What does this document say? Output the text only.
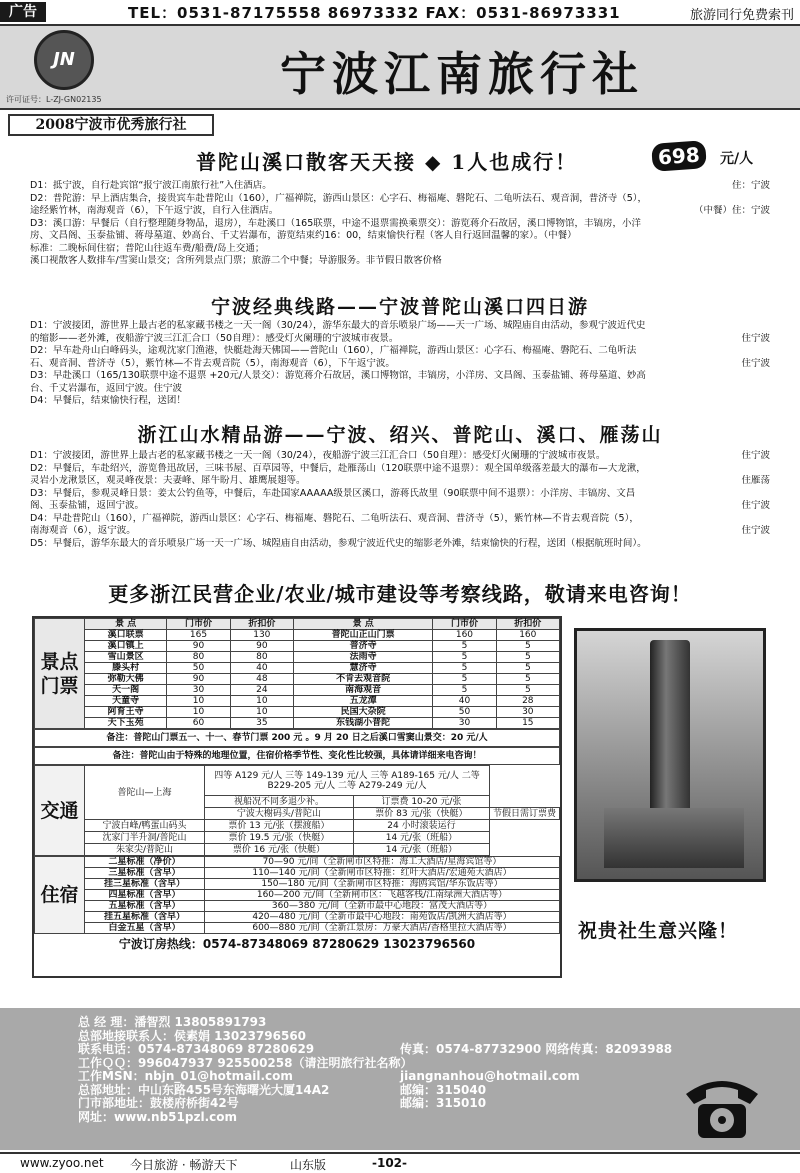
广告	TEL：0531-87175558 86973332 FAX：0531-86973331	旅游同行免费索刊
JN
许可证号：L-ZJ-GN02135	宁波江南旅行社
2008宁波市优秀旅行社
普陀山溪口散客天天接 ◆ 1人也成行！	698	元/人
D1：抵宁波，自行赴宾馆“报宁波江南旅行社”入住酒店。	住：宁波
D2：普陀游：早上酒店集合，接贵宾车赴普陀山（160），广福禅院，游西山景区：心字石、梅福庵、磐陀石、二龟听法石、观音洞，普济寺（5），
途经紫竹林，南海观音（6），下午返宁波，自行入住酒店。	（中餐）住：宁波
D3：溪口游：早餐后（自行整理随身物品，退房），车赴溪口（165联票，中途不退票需换乘票交）：游览蒋介石故居，溪口博物馆，丰镐房，小洋
房、文昌阁、玉泰盐铺、蒋母墓道、妙高台、千丈岩瀑布，游览结束约16：00，结束愉快行程（客人自行返回温馨的家）。（中餐）
标准：二晚标间住宿；普陀山往返车费/船费/岛上交通；
溪口视散客人数排车/雪窦山景交；含所列景点门票；旅游二个中餐；导游服务。非节假日散客价格
宁波经典线路——宁波普陀山溪口四日游
D1：宁波接团，游世界上最古老的私家藏书楼之一天一阁（30/24），游华东最大的音乐喷泉广场——天一广场、城隍庙自由活动，参观宁波近代史
的缩影——老外滩，夜船游宁波三江汇合口（50自理）：感受灯火阑珊的宁波城市夜景。	住宁波
D2：早车赴舟山白峰码头，途观沈家门渔港，快艇赴海天佛国——普陀山（160），广福禅院，游西山景区：心字石、梅福庵、磐陀石、二龟听法
石、观音洞、普济寺（5），紫竹林—不肯去观音院（5），南海观音（6），下午返宁波。	住宁波
D3：早赴溪口（165/130联票中途不退票 +20元/人景交）：游览蒋介石故居，溪口博物馆，丰镐房，小洋房、文昌阁、玉泰盐铺、蒋母墓道、妙高
台、千丈岩瀑布，返回宁波。住宁波
D4：早餐后，结束愉快行程，送团！
浙江山水精品游——宁波、绍兴、普陀山、溪口、雁荡山
D1：宁波接团，游世界上最古老的私家藏书楼之一天一阁（30/24），夜船游宁波三江汇合口（50自理）：感受灯火阑珊的宁波城市夜景。	住宁波
D2：早餐后，车赴绍兴，游览鲁迅故居，三味书屋、百草园等，中餐后，赴雁荡山（120联票中途不退票）：观全国单级落差最大的瀑布—大龙湫，
灵岩小龙湫景区，观灵峰夜景：夫妻峰、犀牛盼月、雄鹰展翅等。	住雁荡
D3：早餐后，参观灵峰日景：姜太公钓鱼等，中餐后，车赴国家AAAAA级景区溪口，游蒋氏故里（90联票中间不退票）：小洋房、丰镐房、文昌
阁、玉泰盐铺，返回宁波。	住宁波
D4：早赴普陀山（160），广福禅院，游西山景区：心字石、梅福庵、磐陀石、二龟听法石、观音洞、普济寺（5），紫竹林—不肯去观音院（5），
南海观音（6），返宁波。	住宁波
D5：早餐后，游华东最大的音乐喷泉广场一天一广场、城隍庙自由活动，参观宁波近代史的缩影老外滩，结束愉快的行程，送团（根据航班时间）。
更多浙江民营企业/农业/城市建设等考察线路，敬请来电咨询！
景点门票	景 点	门市价	折扣价	景 点	门市价	折扣价
	溪口联票	165	130	普陀山正山门票	160	160
	溪口镇上	90	90	普济寺	5	5
	雪山景区	80	80	法雨寺	5	5
	滕头村	50	40	慧济寺	5	5
	弥勒大佛	90	48	不肯去观音院	5	5
	天一阁	30	24	南海观音	5	5
	天童寺	10	10	五龙潭	40	28
	阿育王寺	10	10	民国大杂院	50	30
	天下玉苑	60	35	东钱湖小普陀	30	15
备注：普陀山门票五一、十一、春节门票 200 元 。9 月 20 日之后溪口雪窦山景交：20 元/人
备注：普陀山由于特殊的地理位置，住宿价格季节性、变化性比较强，具体请详细来电咨询！
交通	普陀山—上海	四等 A129 元/人 三等 149-139 元/人 三等 A189-165 元/人 二等
B229-205 元/人 二等 A279-249 元/人		

		视船况不同多退少补。	订票费 10-20 元/张	
		宁波大榭码头/普陀山	票价 83 元/张（快艇）	节假日需订票费
	宁波白峰/鸭蛋山码头	票价 13 元/张（摆渡船）	24 小时滚装运行	
	沈家门半升洞/普陀山	票价 19.5 元/张（快艇）	14 元/张（班船）	
	朱家尖/普陀山	票价 16 元/张（快艇）	14 元/张（班船）	
住宿		
	二星标准（净价）	70—90 元/间（全新闸市区特推：海工大酒店/星海宾馆等）
	三星标准（含早）	110—140 元/间（全新闸市区特推：红叶大酒店/宏通苑大酒店）
	挂三星标准（含早）	150—180 元/间（全新闸市区特推：海鸥宾馆/华东饭店等）
	四星标准（含早）	160—200 元/间（全新闸市区：飞越客栈/江南绿洲大酒店等）
	五星标准（含早）	360—380 元/间（全新市最中心地段：富茂大酒店等）
	挂五星标准（含早）	420—480 元/间（全新市最中心地段：南苑饭店/凯洲大酒店等）
	白金五星（含早）	600—880 元/间（全新江景房：万豪大酒店/香格里拉大酒店等）
宁波订房热线：0574-87348069 87280629 13023796560
祝贵社生意兴隆！
总 经 理：潘智烈 13805891793
总部地接联系人：侯素娟 13023796560
联系电话：0574-87348069 87280629
工作ＱＱ：996047937 925500258（请注明旅行社名称）
工作MSN：nbjn_01@hotmail.com
总部地址：中山东路455号东海曙光大厦14A2
门市部地址：鼓楼府桥街42号
网址：www.nb51pzl.com

传真：0574-87732900 网络传真：82093988

jiangnanhou@hotmail.com
邮编：315040
邮编：315010

www.zyoo.net 今日旅游 · 畅游天下	山东版	-102-
